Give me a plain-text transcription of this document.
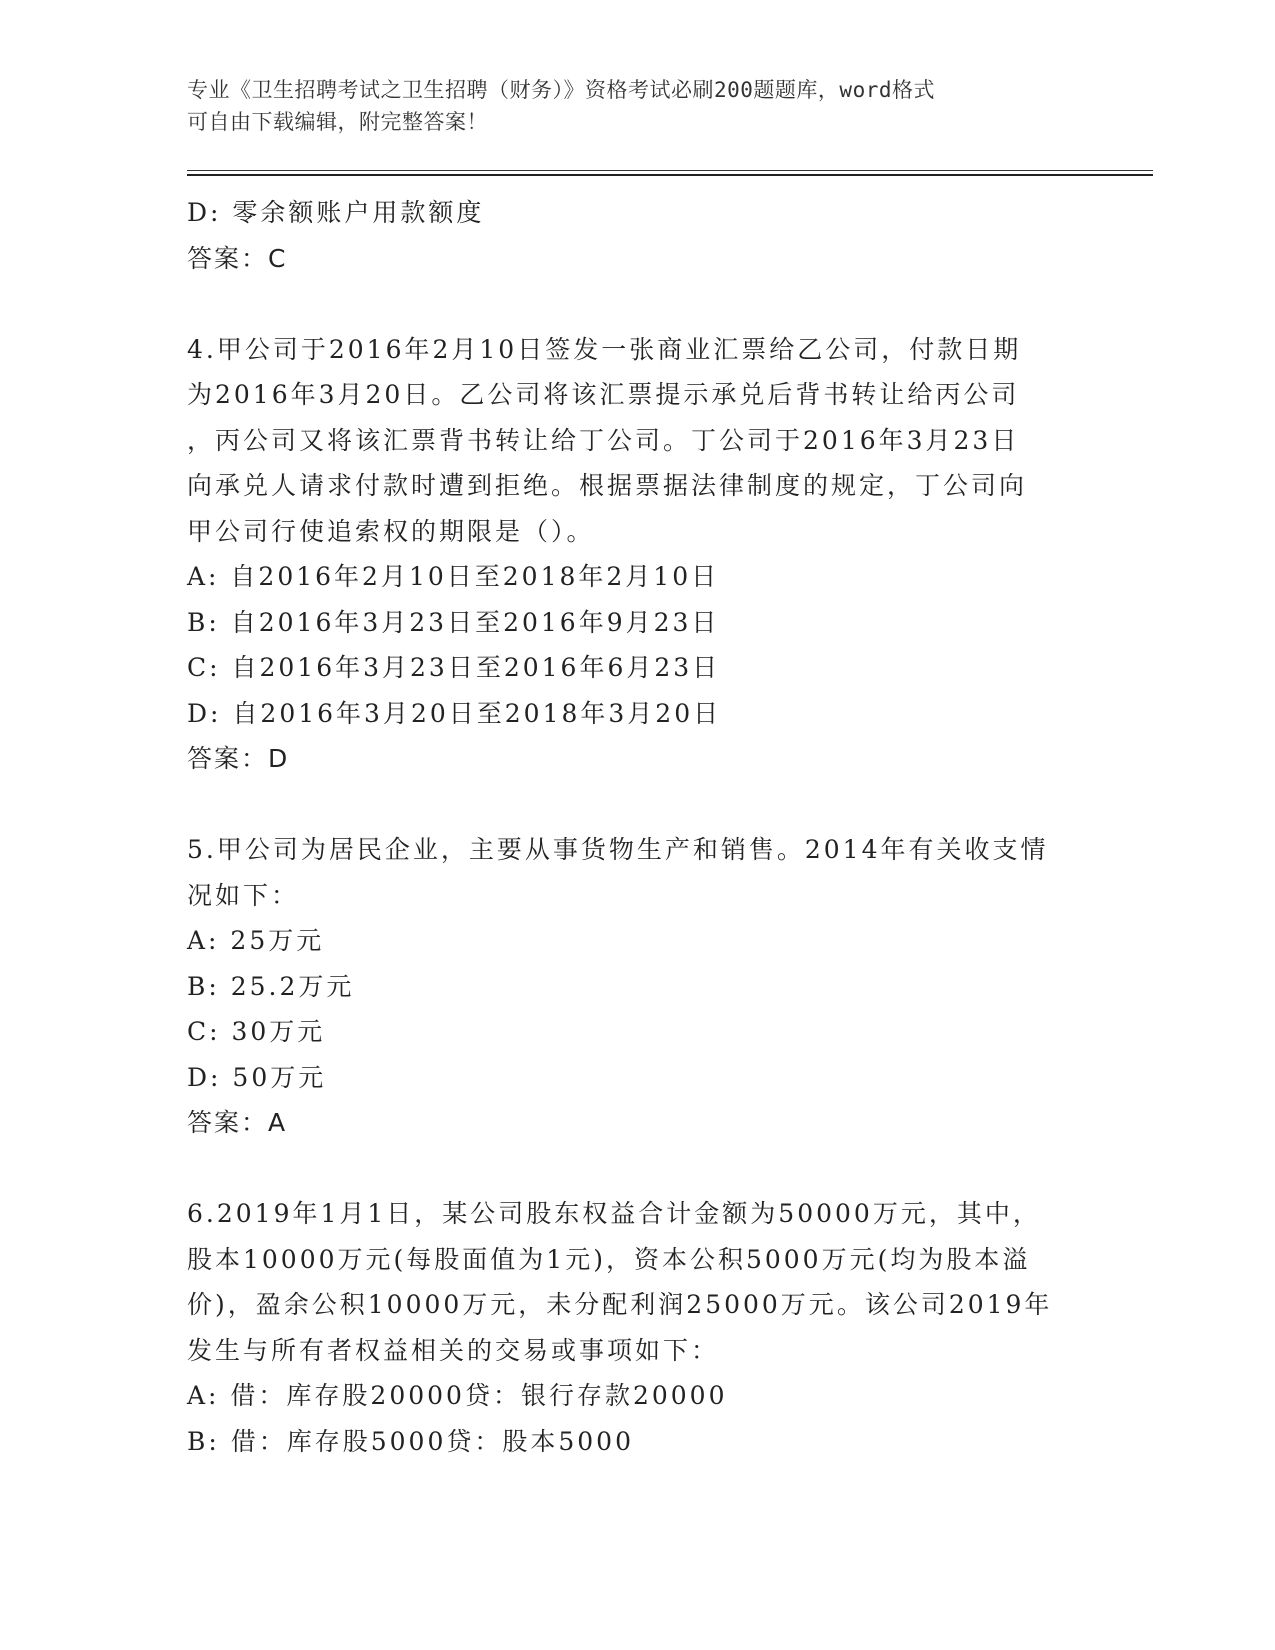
专业《卫生招聘考试之卫生招聘（财务）》资格考试必刷200题题库，word格式
可自由下载编辑，附完整答案！
D: 零余额账户用款额度
答案：C
4.甲公司于2016年2月10日签发一张商业汇票给乙公司，付款日期
为2016年3月20日。乙公司将该汇票提示承兑后背书转让给丙公司
，丙公司又将该汇票背书转让给丁公司。丁公司于2016年3月23日
向承兑人请求付款时遭到拒绝。根据票据法律制度的规定，丁公司向
甲公司行使追索权的期限是（）。
A: 自2016年2月10日至2018年2月10日
B: 自2016年3月23日至2016年9月23日
C: 自2016年3月23日至2016年6月23日
D: 自2016年3月20日至2018年3月20日
答案：D
5.甲公司为居民企业，主要从事货物生产和销售。2014年有关收支情
况如下：
A: 25万元
B: 25.2万元
C: 30万元
D: 50万元
答案：A
6.2019年1月1日，某公司股东权益合计金额为50000万元，其中，
股本10000万元(每股面值为1元)，资本公积5000万元(均为股本溢
价)，盈余公积10000万元，未分配利润25000万元。该公司2019年
发生与所有者权益相关的交易或事项如下：
A: 借：库存股20000贷：银行存款20000
B: 借：库存股5000贷：股本5000
